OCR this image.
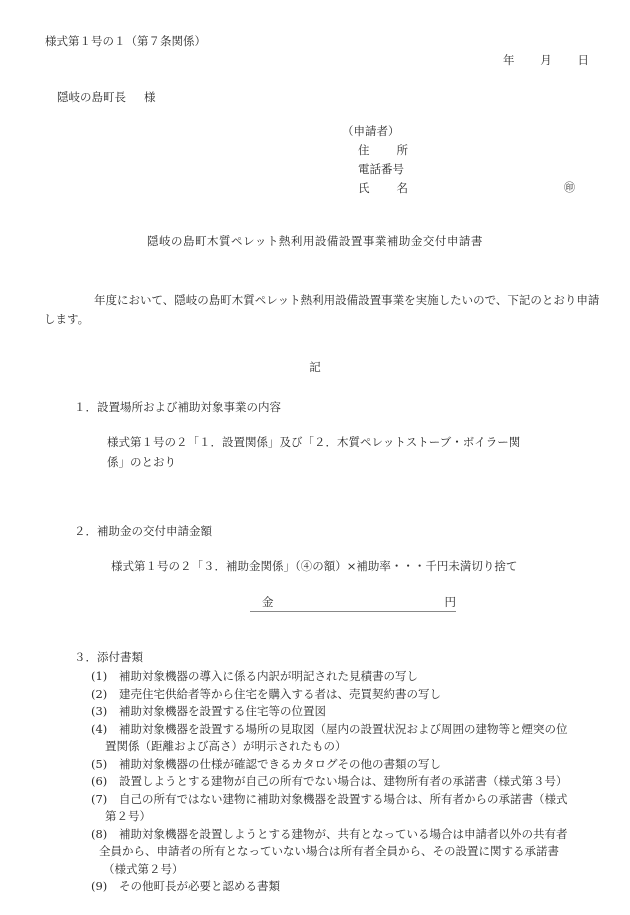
様式第１号の１（第７条関係）
年 月 日
隠岐の島町長 様
（申請者）
住 所
電話番号
氏 名	㊞
隠岐の島町木質ペレット熱利用設備設置事業補助金交付申請書
年度において、隠岐の島町木質ペレット熱利用設備設置事業を実施したいので、下記のとおり申請します。
記
１．設置場所および補助対象事業の内容
様式第１号の２「１．設置関係」及び「２．木質ペレットストーブ・ボイラー関
係」のとおり
２．補助金の交付申請金額
様式第１号の２「３．補助金関係」（④の額）×補助率・・・千円未満切り捨て
金	円
３．添付書類
(1) 補助対象機器の導入に係る内訳が明記された見積書の写し
(2) 建売住宅供給者等から住宅を購入する者は、売買契約書の写し
(3) 補助対象機器を設置する住宅等の位置図
(4) 補助対象機器を設置する場所の見取図（屋内の設置状況および周囲の建物等と煙突の位
置関係（距離および高さ）が明示されたもの）
(5) 補助対象機器の仕様が確認できるカタログその他の書類の写し
(6) 設置しようとする建物が自己の所有でない場合は、建物所有者の承諾書（様式第３号）
(7) 自己の所有ではない建物に補助対象機器を設置する場合は、所有者からの承諾書（様式
第２号）
(8) 補助対象機器を設置しようとする建物が、共有となっている場合は申請者以外の共有者
全員から、申請者の所有となっていない場合は所有者全員から、その設置に関する承諾書
（様式第２号）
(9) その他町長が必要と認める書類
